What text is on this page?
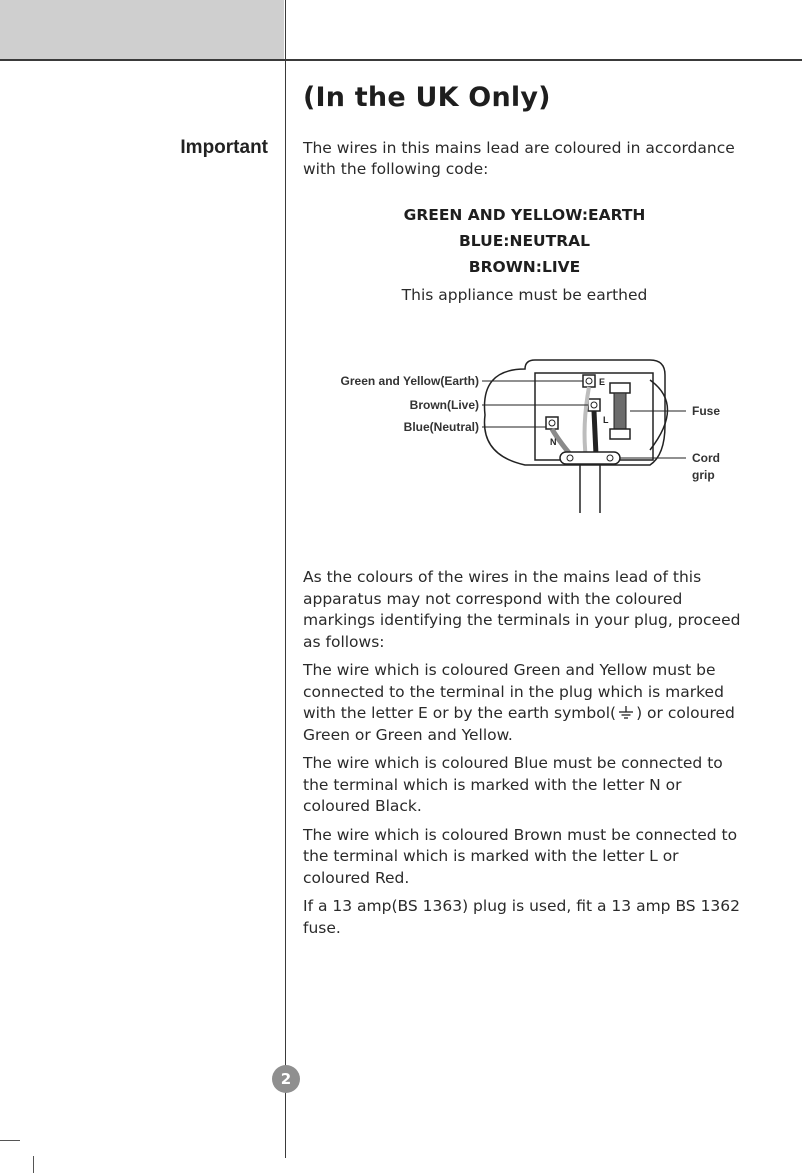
(In the UK Only)
Important The wires in this mains lead are coloured in accordance with the following code:
GREEN AND YELLOW:EARTH
BLUE:NEUTRAL
BROWN:LIVE
This appliance must be earthed
E
L
N
Green and Yellow(Earth)
Brown(Live)
Blue(Neutral)
Fuse
Cord
grip

As the colours of the wires in the mains lead of this apparatus may not correspond with the coloured markings identifying the terminals in your plug, proceed as follows:

The wire which is coloured Green and Yellow must be connected to the terminal in the plug which is marked with the letter E or by the earth symbol( ) or coloured Green or Green and Yellow.

The wire which is coloured Blue must be connected to the terminal which is marked with the letter N or coloured Black.

The wire which is coloured Brown must be connected to the terminal which is marked with the letter L or coloured Red.

If a 13 amp(BS 1363) plug is used, fit a 13 amp BS 1362 fuse.

2
